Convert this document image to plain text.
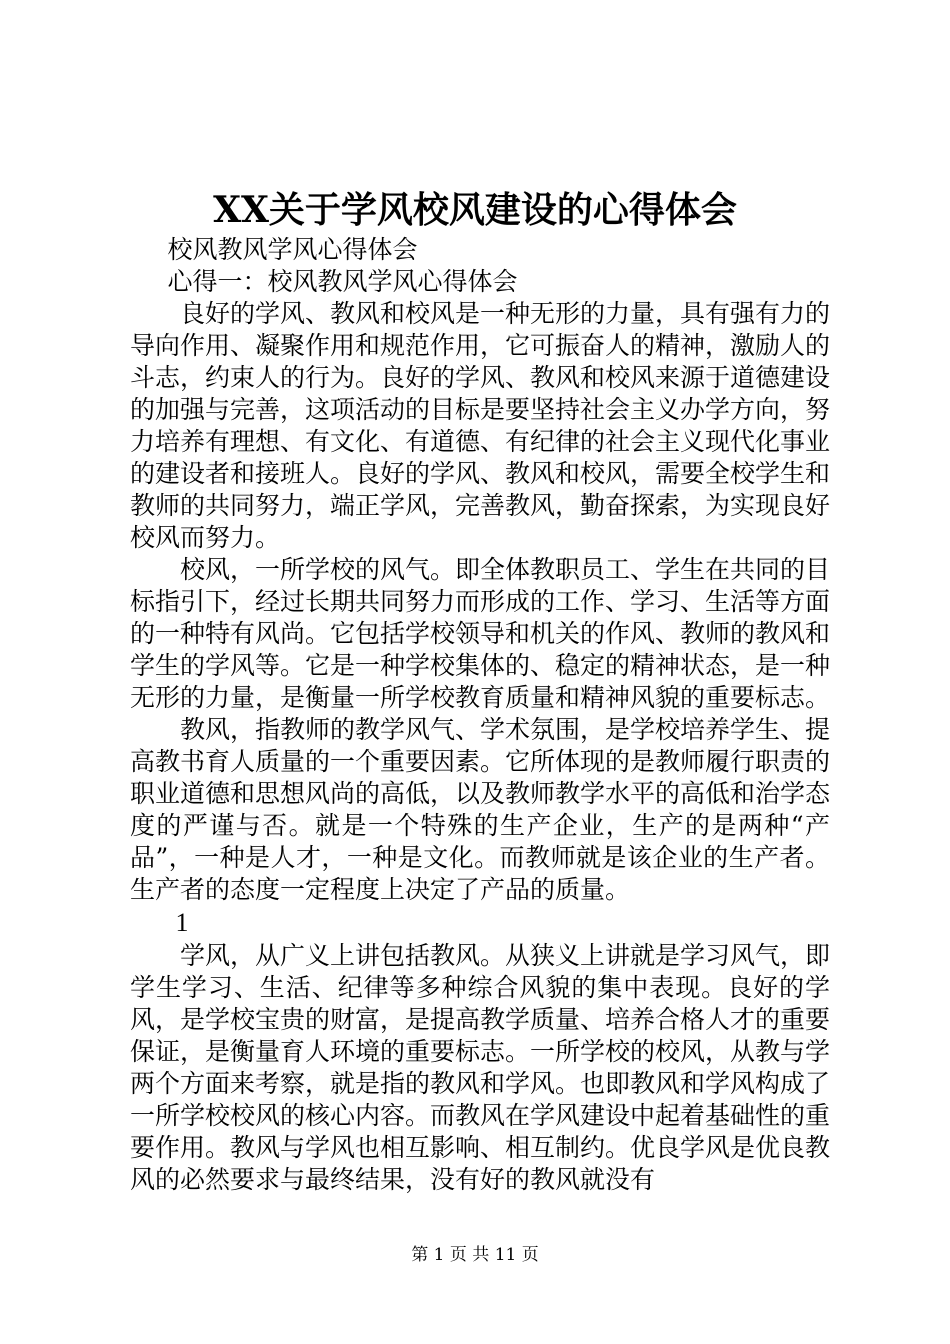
XX关于学风校风建设的心得体会

校风教风学风心得体会

心得一：校风教风学风心得体会

良好的学风、教风和校风是一种无形的力量，具有强有力的导向作用、凝聚作用和规范作用，它可振奋人的精神，激励人的斗志，约束人的行为。良好的学风、教风和校风来源于道德建设的加强与完善，这项活动的目标是要坚持社会主义办学方向，努力培养有理想、有文化、有道德、有纪律的社会主义现代化事业的建设者和接班人。良好的学风、教风和校风，需要全校学生和教师的共同努力，端正学风，完善教风，勤奋探索，为实现良好校风而努力。

校风，一所学校的风气。即全体教职员工、学生在共同的目标指引下，经过长期共同努力而形成的工作、学习、生活等方面的一种特有风尚。它包括学校领导和机关的作风、教师的教风和学生的学风等。它是一种学校集体的、稳定的精神状态，是一种无形的力量，是衡量一所学校教育质量和精神风貌的重要标志。

教风，指教师的教学风气、学术氛围，是学校培养学生、提高教书育人质量的一个重要因素。它所体现的是教师履行职责的职业道德和思想风尚的高低，以及教师教学水平的高低和治学态度的严谨与否。就是一个特殊的生产企业，生产的是两种“产品”，一种是人才，一种是文化。而教师就是该企业的生产者。生产者的态度一定程度上决定了产品的质量。

1

学风，从广义上讲包括教风。从狭义上讲就是学习风气，即学生学习、生活、纪律等多种综合风貌的集中表现。良好的学风，是学校宝贵的财富，是提高教学质量、培养合格人才的重要保证，是衡量育人环境的重要标志。一所学校的校风，从教与学两个方面来考察，就是指的教风和学风。也即教风和学风构成了一所学校校风的核心内容。而教风在学风建设中起着基础性的重要作用。教风与学风也相互影响、相互制约。优良学风是优良教风的必然要求与最终结果，没有好的教风就没有

第 1 页 共 11 页
